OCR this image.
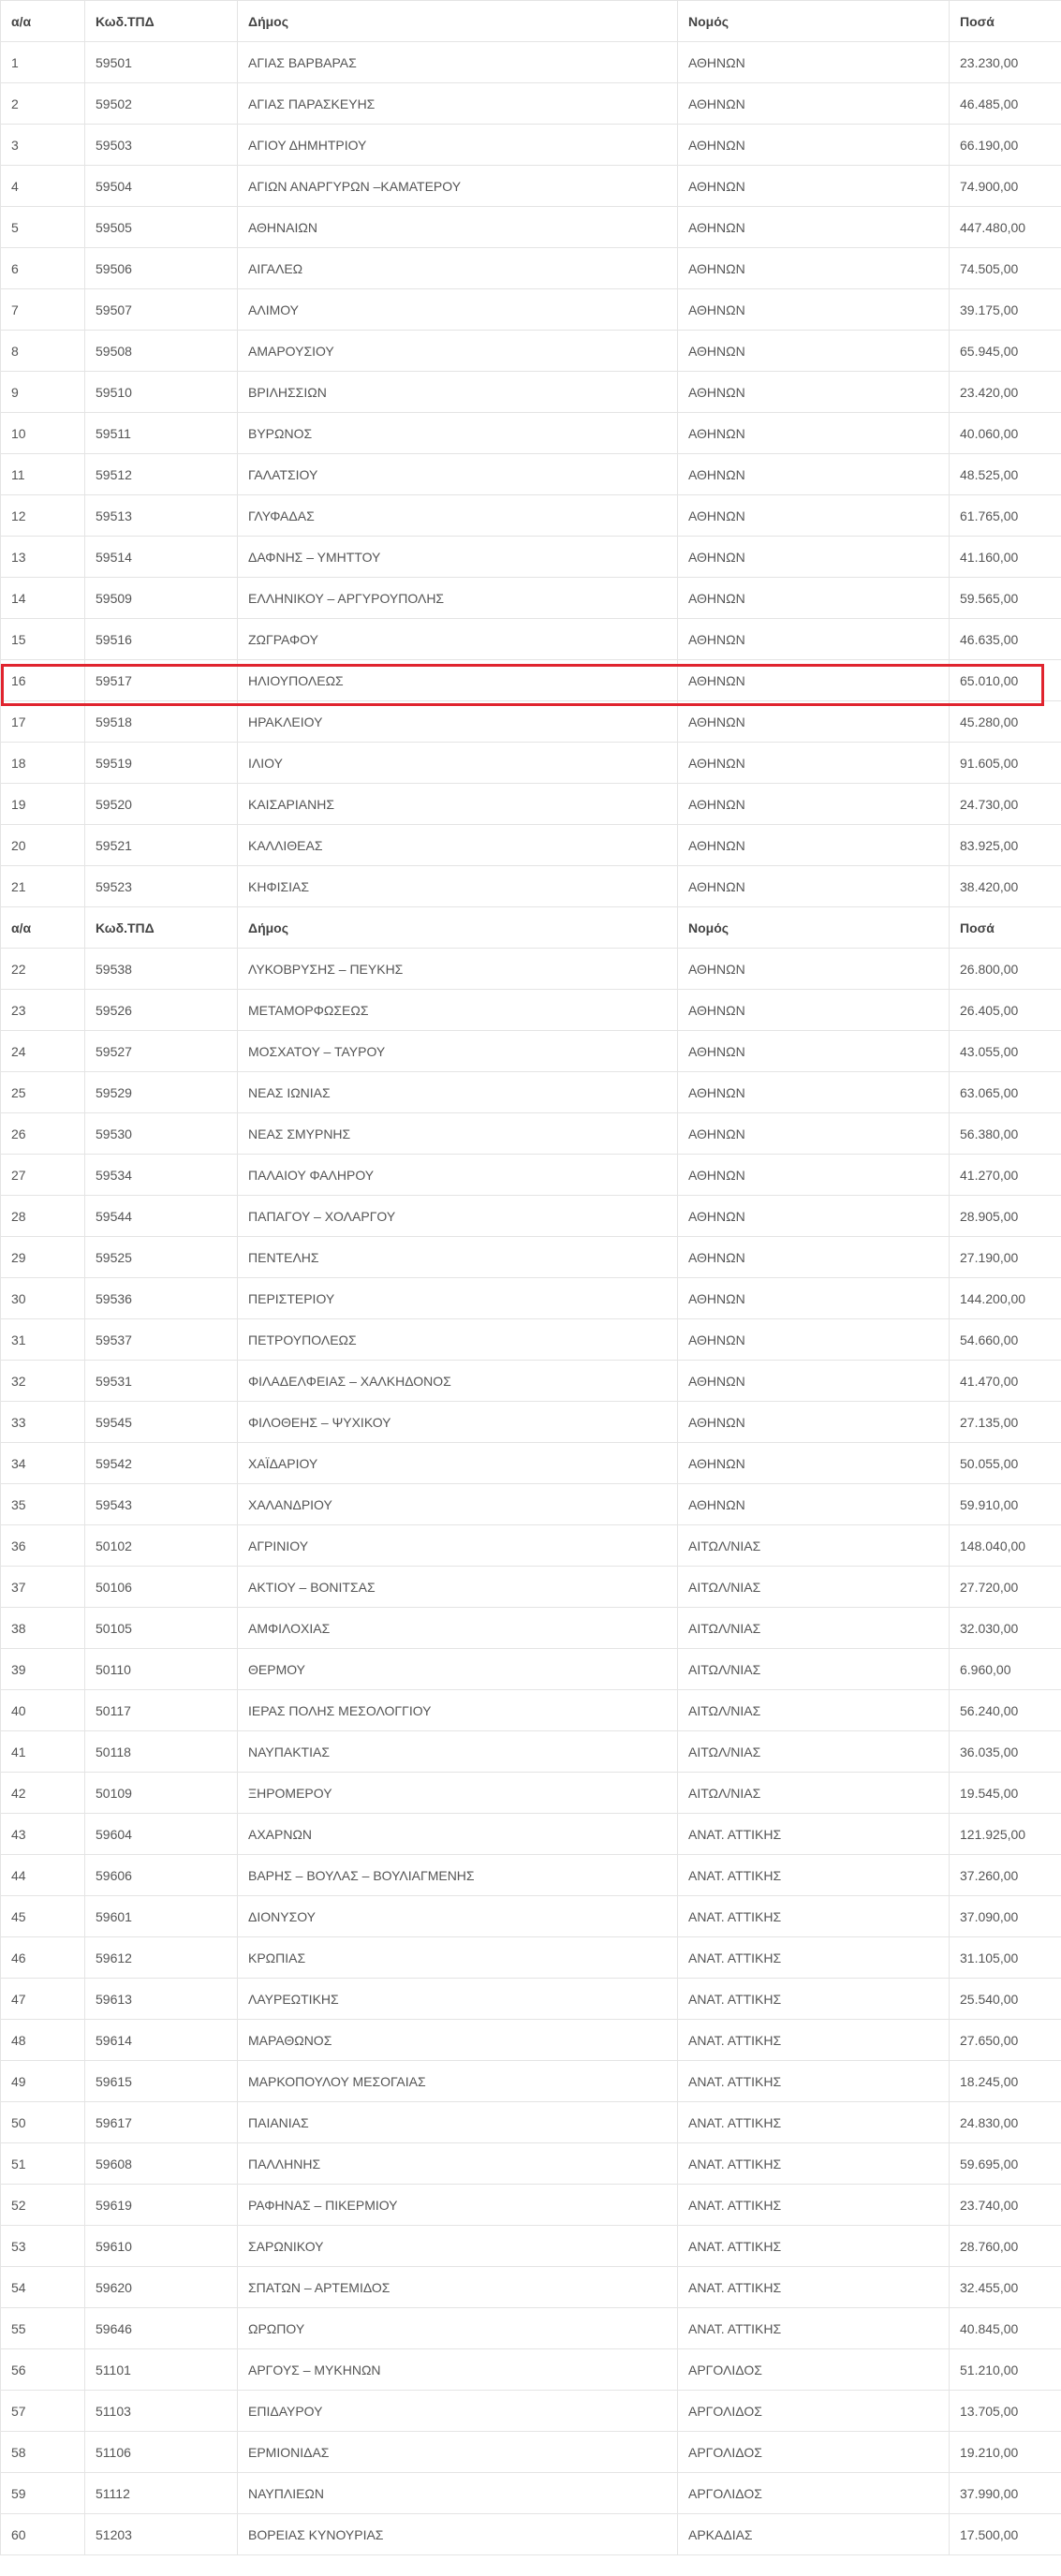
α/α	Κωδ.ΤΠΔ	Δήμος	Νομός	Ποσά
1	59501	ΑΓΙΑΣ ΒΑΡΒΑΡΑΣ	ΑΘΗΝΩΝ	23.230,00
2	59502	ΑΓΙΑΣ ΠΑΡΑΣΚΕΥΗΣ	ΑΘΗΝΩΝ	46.485,00
3	59503	ΑΓΙΟΥ ΔΗΜΗΤΡΙΟΥ	ΑΘΗΝΩΝ	66.190,00
4	59504	ΑΓΙΩΝ ΑΝΑΡΓΥΡΩΝ –ΚΑΜΑΤΕΡΟΥ	ΑΘΗΝΩΝ	74.900,00
5	59505	ΑΘΗΝΑΙΩΝ	ΑΘΗΝΩΝ	447.480,00
6	59506	ΑΙΓΑΛΕΩ	ΑΘΗΝΩΝ	74.505,00
7	59507	ΑΛΙΜΟΥ	ΑΘΗΝΩΝ	39.175,00
8	59508	ΑΜΑΡΟΥΣΙΟΥ	ΑΘΗΝΩΝ	65.945,00
9	59510	ΒΡΙΛΗΣΣΙΩΝ	ΑΘΗΝΩΝ	23.420,00
10	59511	ΒΥΡΩΝΟΣ	ΑΘΗΝΩΝ	40.060,00
11	59512	ΓΑΛΑΤΣΙΟΥ	ΑΘΗΝΩΝ	48.525,00
12	59513	ΓΛΥΦΑΔΑΣ	ΑΘΗΝΩΝ	61.765,00
13	59514	ΔΑΦΝΗΣ – ΥΜΗΤΤΟΥ	ΑΘΗΝΩΝ	41.160,00
14	59509	ΕΛΛΗΝΙΚΟΥ – ΑΡΓΥΡΟΥΠΟΛΗΣ	ΑΘΗΝΩΝ	59.565,00
15	59516	ΖΩΓΡΑΦΟΥ	ΑΘΗΝΩΝ	46.635,00
16	59517	ΗΛΙΟΥΠΟΛΕΩΣ	ΑΘΗΝΩΝ	65.010,00
17	59518	ΗΡΑΚΛΕΙΟΥ	ΑΘΗΝΩΝ	45.280,00
18	59519	ΙΛΙΟΥ	ΑΘΗΝΩΝ	91.605,00
19	59520	ΚΑΙΣΑΡΙΑΝΗΣ	ΑΘΗΝΩΝ	24.730,00
20	59521	ΚΑΛΛΙΘΕΑΣ	ΑΘΗΝΩΝ	83.925,00
21	59523	ΚΗΦΙΣΙΑΣ	ΑΘΗΝΩΝ	38.420,00
α/α	Κωδ.ΤΠΔ	Δήμος	Νομός	Ποσά
22	59538	ΛΥΚΟΒΡΥΣΗΣ – ΠΕΥΚΗΣ	ΑΘΗΝΩΝ	26.800,00
23	59526	ΜΕΤΑΜΟΡΦΩΣΕΩΣ	ΑΘΗΝΩΝ	26.405,00
24	59527	ΜΟΣΧΑΤΟΥ – ΤΑΥΡΟΥ	ΑΘΗΝΩΝ	43.055,00
25	59529	ΝΕΑΣ ΙΩΝΙΑΣ	ΑΘΗΝΩΝ	63.065,00
26	59530	ΝΕΑΣ ΣΜΥΡΝΗΣ	ΑΘΗΝΩΝ	56.380,00
27	59534	ΠΑΛΑΙΟΥ ΦΑΛΗΡΟΥ	ΑΘΗΝΩΝ	41.270,00
28	59544	ΠΑΠΑΓΟΥ – ΧΟΛΑΡΓΟΥ	ΑΘΗΝΩΝ	28.905,00
29	59525	ΠΕΝΤΕΛΗΣ	ΑΘΗΝΩΝ	27.190,00
30	59536	ΠΕΡΙΣΤΕΡΙΟΥ	ΑΘΗΝΩΝ	144.200,00
31	59537	ΠΕΤΡΟΥΠΟΛΕΩΣ	ΑΘΗΝΩΝ	54.660,00
32	59531	ΦΙΛΑΔΕΛΦΕΙΑΣ – ΧΑΛΚΗΔΟΝΟΣ	ΑΘΗΝΩΝ	41.470,00
33	59545	ΦΙΛΟΘΕΗΣ – ΨΥΧΙΚΟΥ	ΑΘΗΝΩΝ	27.135,00
34	59542	ΧΑΪΔΑΡΙΟΥ	ΑΘΗΝΩΝ	50.055,00
35	59543	ΧΑΛΑΝΔΡΙΟΥ	ΑΘΗΝΩΝ	59.910,00
36	50102	ΑΓΡΙΝΙΟΥ	ΑΙΤΩΛ/ΝΙΑΣ	148.040,00
37	50106	ΑΚΤΙΟΥ – ΒΟΝΙΤΣΑΣ	ΑΙΤΩΛ/ΝΙΑΣ	27.720,00
38	50105	ΑΜΦΙΛΟΧΙΑΣ	ΑΙΤΩΛ/ΝΙΑΣ	32.030,00
39	50110	ΘΕΡΜΟΥ	ΑΙΤΩΛ/ΝΙΑΣ	6.960,00
40	50117	ΙΕΡΑΣ ΠΟΛΗΣ ΜΕΣΟΛΟΓΓΙΟΥ	ΑΙΤΩΛ/ΝΙΑΣ	56.240,00
41	50118	ΝΑΥΠΑΚΤΙΑΣ	ΑΙΤΩΛ/ΝΙΑΣ	36.035,00
42	50109	ΞΗΡΟΜΕΡΟΥ	ΑΙΤΩΛ/ΝΙΑΣ	19.545,00
43	59604	ΑΧΑΡΝΩΝ	ΑΝΑΤ. ΑΤΤΙΚΗΣ	121.925,00
44	59606	ΒΑΡΗΣ – ΒΟΥΛΑΣ – ΒΟΥΛΙΑΓΜΕΝΗΣ	ΑΝΑΤ. ΑΤΤΙΚΗΣ	37.260,00
45	59601	ΔΙΟΝΥΣΟΥ	ΑΝΑΤ. ΑΤΤΙΚΗΣ	37.090,00
46	59612	ΚΡΩΠΙΑΣ	ΑΝΑΤ. ΑΤΤΙΚΗΣ	31.105,00
47	59613	ΛΑΥΡΕΩΤΙΚΗΣ	ΑΝΑΤ. ΑΤΤΙΚΗΣ	25.540,00
48	59614	ΜΑΡΑΘΩΝΟΣ	ΑΝΑΤ. ΑΤΤΙΚΗΣ	27.650,00
49	59615	ΜΑΡΚΟΠΟΥΛΟΥ ΜΕΣΟΓΑΙΑΣ	ΑΝΑΤ. ΑΤΤΙΚΗΣ	18.245,00
50	59617	ΠΑΙΑΝΙΑΣ	ΑΝΑΤ. ΑΤΤΙΚΗΣ	24.830,00
51	59608	ΠΑΛΛΗΝΗΣ	ΑΝΑΤ. ΑΤΤΙΚΗΣ	59.695,00
52	59619	ΡΑΦΗΝΑΣ – ΠΙΚΕΡΜΙΟΥ	ΑΝΑΤ. ΑΤΤΙΚΗΣ	23.740,00
53	59610	ΣΑΡΩΝΙΚΟΥ	ΑΝΑΤ. ΑΤΤΙΚΗΣ	28.760,00
54	59620	ΣΠΑΤΩΝ – ΑΡΤΕΜΙΔΟΣ	ΑΝΑΤ. ΑΤΤΙΚΗΣ	32.455,00
55	59646	ΩΡΩΠΟΥ	ΑΝΑΤ. ΑΤΤΙΚΗΣ	40.845,00
56	51101	ΑΡΓΟΥΣ – ΜΥΚΗΝΩΝ	ΑΡΓΟΛΙΔΟΣ	51.210,00
57	51103	ΕΠΙΔΑΥΡΟΥ	ΑΡΓΟΛΙΔΟΣ	13.705,00
58	51106	ΕΡΜΙΟΝΙΔΑΣ	ΑΡΓΟΛΙΔΟΣ	19.210,00
59	51112	ΝΑΥΠΛΙΕΩΝ	ΑΡΓΟΛΙΔΟΣ	37.990,00
60	51203	ΒΟΡΕΙΑΣ ΚΥΝΟΥΡΙΑΣ	ΑΡΚΑΔΙΑΣ	17.500,00
